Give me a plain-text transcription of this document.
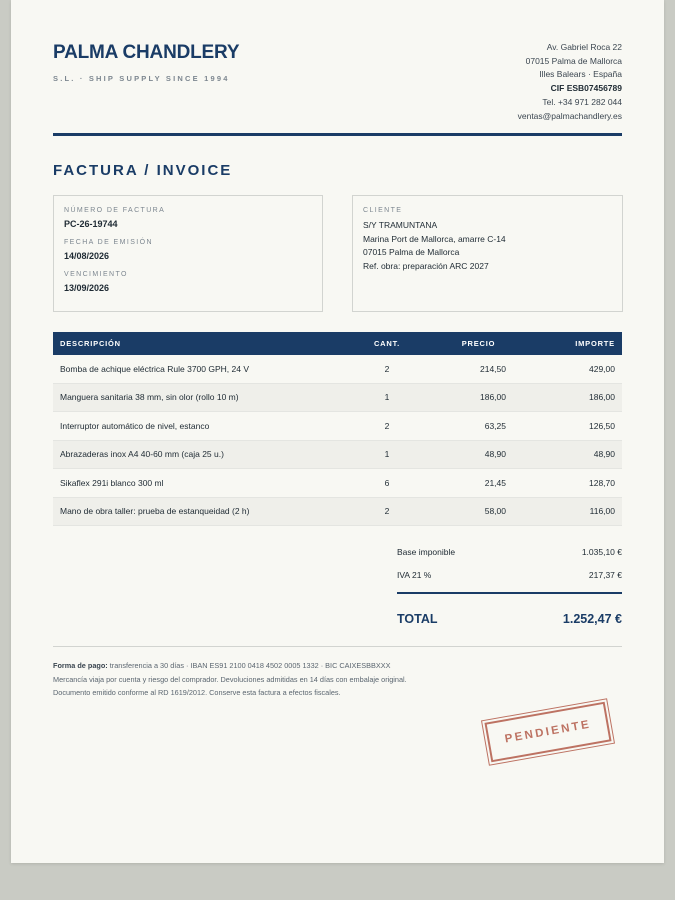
PALMA CHANDLERY
S.L. · SHIP SUPPLY SINCE 1994
Av. Gabriel Roca 22
07015 Palma de Mallorca
Illes Balears · España
CIF ESB07456789
Tel. +34 971 282 044
ventas@palmachandlery.es
FACTURA / INVOICE
NÚMERO DE FACTURA
PC-26-19744
FECHA DE EMISIÓN
14/08/2026
VENCIMIENTO
13/09/2026
CLIENTE
S/Y TRAMUNTANA
Marina Port de Mallorca, amarre C-14
07015 Palma de Mallorca
Ref. obra: preparación ARC 2027
DESCRIPCIÓN	CANT.	PRECIO	IMPORTE
Bomba de achique eléctrica Rule 3700 GPH, 24 V	2	214,50	429,00
Manguera sanitaria 38 mm, sin olor (rollo 10 m)	1	186,00	186,00
Interruptor automático de nivel, estanco	2	63,25	126,50
Abrazaderas inox A4 40-60 mm (caja 25 u.)	1	48,90	48,90
Sikaflex 291i blanco 300 ml	6	21,45	128,70
Mano de obra taller: prueba de estanqueidad (2 h)	2	58,00	116,00
Base imponible	1.035,10 €
IVA 21 %	217,37 €
TOTAL	1.252,47 €
Forma de pago: transferencia a 30 días · IBAN ES91 2100 0418 4502 0005 1332 · BIC CAIXESBBXXX
Mercancía viaja por cuenta y riesgo del comprador. Devoluciones admitidas en 14 días con embalaje original.
Documento emitido conforme al RD 1619/2012. Conserve esta factura a efectos fiscales.
PENDIENTE
